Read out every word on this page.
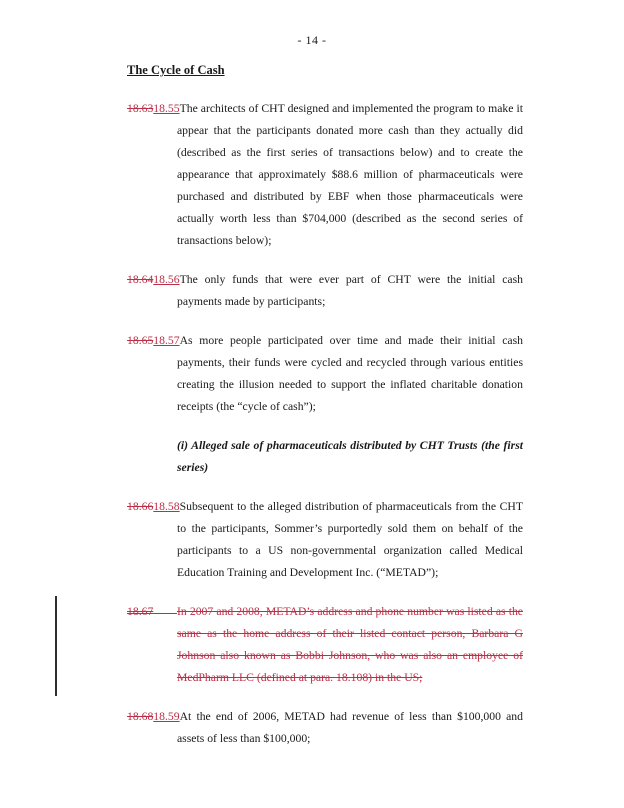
- 14 -
The Cycle of Cash
18.6318.55The architects of CHT designed and implemented the program to make it appear that the participants donated more cash than they actually did (described as the first series of transactions below) and to create the appearance that approximately $88.6 million of pharmaceuticals were purchased and distributed by EBF when those pharmaceuticals were actually worth less than $704,000 (described as the second series of transactions below);
18.6418.56The only funds that were ever part of CHT were the initial cash payments made by participants;
18.6518.57As more people participated over time and made their initial cash payments, their funds were cycled and recycled through various entities creating the illusion needed to support the inflated charitable donation receipts (the “cycle of cash”);
(i) Alleged sale of pharmaceuticals distributed by CHT Trusts (the first series)
18.6618.58Subsequent to the alleged distribution of pharmaceuticals from the CHT to the participants, Sommer’s purportedly sold them on behalf of the participants to a US non-governmental organization called Medical Education Training and Development Inc. (“METAD”);
18.67 In 2007 and 2008, METAD’s address and phone number was listed as the same as the home address of their listed contact person, Barbara G Johnson also known as Bobbi Johnson, who was also an employee of MedPharm LLC (defined at para. 18.108) in the US;
18.6818.59At the end of 2006, METAD had revenue of less than $100,000 and assets of less than $100,000;
